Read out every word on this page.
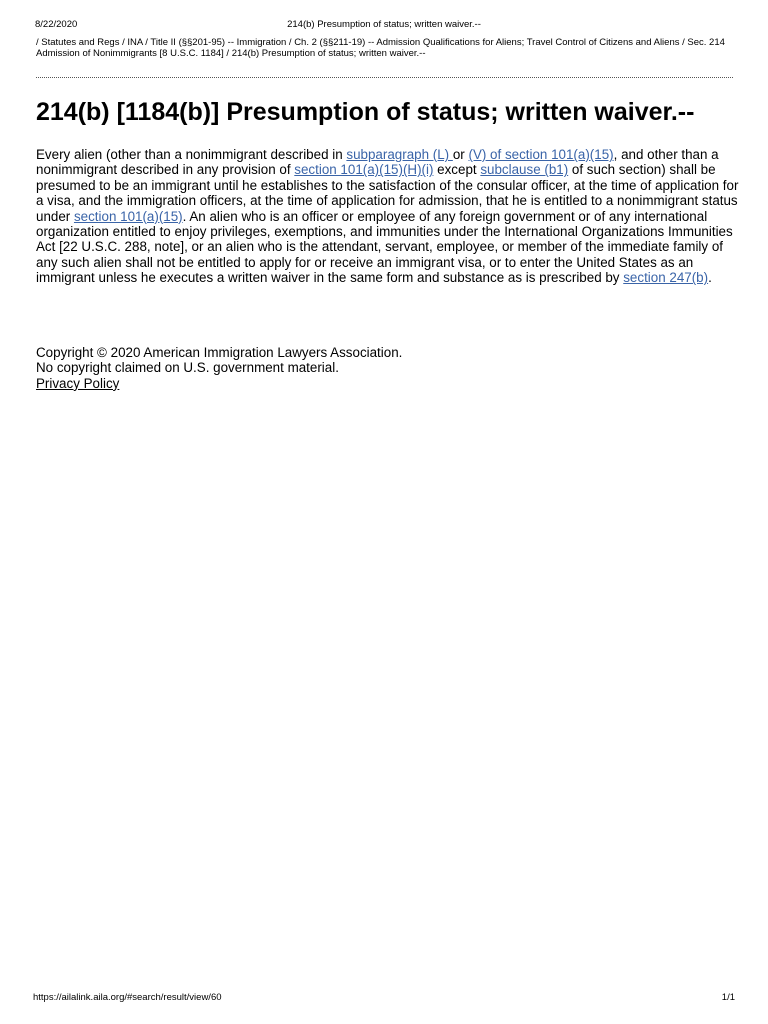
8/22/2020	214(b) Presumption of status; written waiver.--
/ Statutes and Regs / INA / Title II (§§201-95) -- Immigration / Ch. 2 (§§211-19) -- Admission Qualifications for Aliens; Travel Control of Citizens and Aliens / Sec. 214
Admission of Nonimmigrants [8 U.S.C. 1184] / 214(b) Presumption of status; written waiver.--
214(b) [1184(b)] Presumption of status; written waiver.--
Every alien (other than a nonimmigrant described in subparagraph (L) or (V) of section 101(a)(15), and other than a
nonimmigrant described in any provision of section 101(a)(15)(H)(i) except subclause (b1) of such section) shall be
presumed to be an immigrant until he establishes to the satisfaction of the consular officer, at the time of application for
a visa, and the immigration officers, at the time of application for admission, that he is entitled to a nonimmigrant status
under section 101(a)(15). An alien who is an officer or employee of any foreign government or of any international
organization entitled to enjoy privileges, exemptions, and immunities under the International Organizations Immunities
Act [22 U.S.C. 288, note], or an alien who is the attendant, servant, employee, or member of the immediate family of
any such alien shall not be entitled to apply for or receive an immigrant visa, or to enter the United States as an
immigrant unless he executes a written waiver in the same form and substance as is prescribed by section 247(b).
Copyright © 2020 American Immigration Lawyers Association.
No copyright claimed on U.S. government material.
Privacy Policy
https://ailalink.aila.org/#search/result/view/60	1/1
